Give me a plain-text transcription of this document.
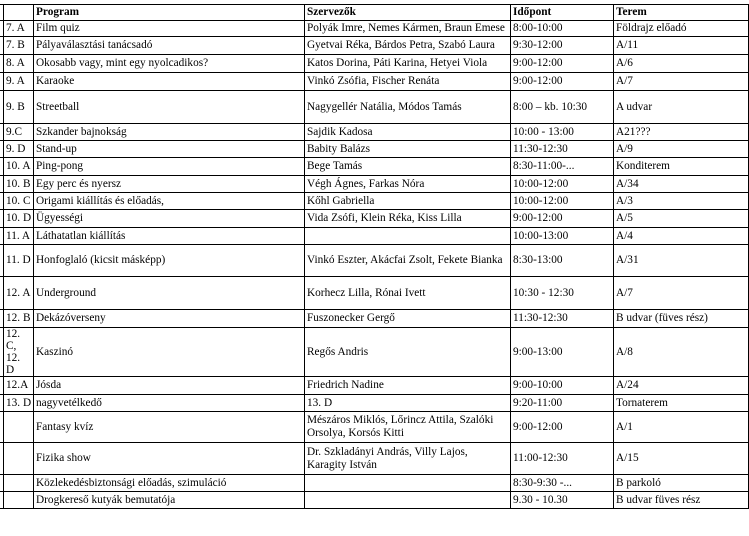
		Program	Szervezők	Időpont	Terem
	7. A	Film quiz	Polyák Imre, Nemes Kármen, Braun Emese	8:00-10:00	Földrajz előadó
	7. B	Pályaválasztási tanácsadó	Gyetvai Réka, Bárdos Petra, Szabó Laura	9:30-12:00	A/11
	8. A	Okosabb vagy, mint egy nyolcadikos?	Katos Dorina, Páti Karina, Hetyei Viola	9:00-12:00	A/6
	9. A	Karaoke	Vinkó Zsófia, Fischer Renáta	9:00-12:00	A/7
	9. B	Streetball	Nagygellér Natália, Módos Tamás	8:00 – kb. 10:30	A udvar
	9.C	Szkander bajnokság	Sajdik Kadosa	10:00 - 13:00	A21???
	9. D	Stand-up	Babity Balázs	11:30-12:30	A/9
	10. A	Ping-pong	Bege Tamás	8:30-11:00-...	Konditerem
	10. B	Egy perc és nyersz	Végh Ágnes, Farkas Nóra	10:00-12:00	A/34
	10. C	Origami kiállítás és előadás,	Kőhl Gabriella	10:00-12:00	A/3
	10. D	Ügyességi	Vida Zsófi, Klein Réka, Kiss Lilla	9:00-12:00	A/5
	11. A	Láthatatlan kiállítás		10:00-13:00	A/4
	11. D	Honfoglaló (kicsit másképp)	Vinkó Eszter, Akácfai Zsolt, Fekete Bianka	8:30-13:00	A/31
	12. A	Underground	Korhecz Lilla, Rónai Ivett	10:30 - 12:30	A/7
	12. B	Dekázóverseny	Fuszonecker Gergő	11:30-12:30	B udvar (füves rész)
	12. C, 12. D	Kaszinó	Regős Andris	9:00-13:00	A/8
	12.A	Jósda	Friedrich Nadine	9:00-10:00	A/24
	13. D	nagyvetélkedő	13. D	9:20-11:00	Tornaterem
		Fantasy kvíz	Mészáros Miklós, Lőrincz Attila, Szalóki Orsolya, Korsós Kitti	9:00-12:00	A/1
		Fizika show	Dr. Szkladányi András, Villy Lajos, Karagity István	11:00-12:30	A/15
		Közlekedésbiztonsági előadás, szimuláció		8:30-9:30 -...	B parkoló
		Drogkereső kutyák bemutatója		9.30 - 10.30	B udvar füves rész
